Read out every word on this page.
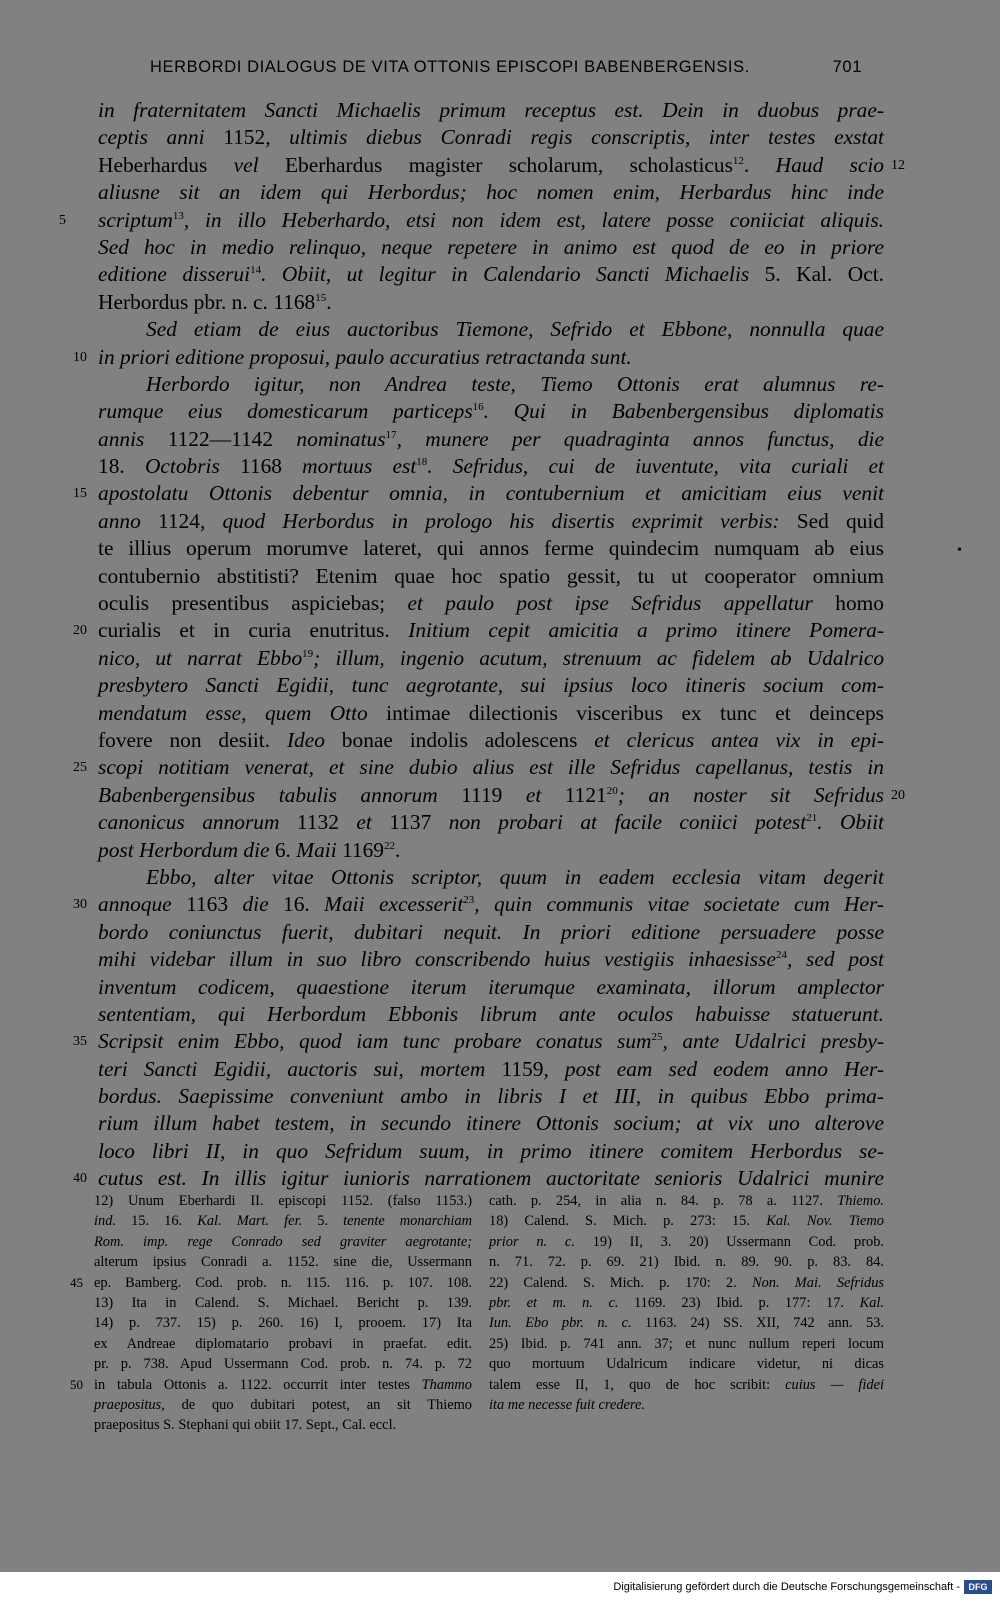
HERBORDI DIALOGUS DE VITA OTTONIS EPISCOPI BABENBERGENSIS.	701
in fraternitatem Sancti Michaelis primum receptus est. Dein in duobus prae-
ceptis anni 1152, ultimis diebus Conradi regis conscriptis, inter testes exstat
Heberhardus vel Eberhardus magister scholarum, scholasticus$^{12}$. Haud scio 12
aliusne sit an idem qui Herbordus; hoc nomen enim, Herbardus hinc inde
scriptum$^{13}$, in illo Heberhardo, etsi non idem est, latere posse coniiciat aliquis.
5
Sed hoc in medio relinquo, neque repetere in animo est quod de eo in priore
editione disserui$^{14}$. Obiit, ut legitur in Calendario Sancti Michaelis 5. Kal. Oct.
Herbordus pbr. n. c. 1168$^{15}$.
Sed etiam de eius auctoribus Tiemone, Sefrido et Ebbone, nonnulla quae
in priori editione proposui, paulo accuratius retractanda sunt.
10
Herbordo igitur, non Andrea teste, Tiemo Ottonis erat alumnus re-
rumque eius domesticarum particeps$^{16}$. Qui in Babenbergensibus diplomatis
annis 1122—1142 nominatus$^{17}$, munere per quadraginta annos functus, die
18. Octobris 1168 mortuus est$^{18}$. Sefridus, cui de iuventute, vita curiali et
apostolatu Ottonis debentur omnia, in contubernium et amicitiam eius venit
15
anno 1124, quod Herbordus in prologo his disertis exprimit verbis: Sed quid
te illius operum morumve lateret, qui annos ferme quindecim numquam ab eius
contubernio abstitisti? Etenim quae hoc spatio gessit, tu ut cooperator omnium
oculis presentibus aspiciebas; et paulo post ipse Sefridus appellatur homo
curialis et in curia enutritus. Initium cepit amicitia a primo itinere Pomera-
20
nico, ut narrat Ebbo$^{19}$; illum, ingenio acutum, strenuum ac fidelem ab Udalrico
presbytero Sancti Egidii, tunc aegrotante, sui ipsius loco itineris socium com-
mendatum esse, quem Otto intimae dilectionis visceribus ex tunc et deinceps
fovere non desiit. Ideo bonae indolis adolescens et clericus antea vix in epi-
scopi notitiam venerat, et sine dubio alius est ille Sefridus capellanus, testis in
25
Babenbergensibus tabulis annorum 1119 et 1121$^{20}$; an noster sit Sefridus 20
canonicus annorum 1132 et 1137 non probari at facile coniici potest$^{21}$. Obiit
post Herbordum die 6. Maii 1169$^{22}$.
Ebbo, alter vitae Ottonis scriptor, quum in eadem ecclesia vitam degerit
annoque 1163 die 16. Maii excesserit$^{23}$, quin communis vitae societate cum Her-
30
bordo coniunctus fuerit, dubitari nequit. In priori editione persuadere posse
mihi videbar illum in suo libro conscribendo huius vestigiis inhaesisse$^{24}$, sed post
inventum codicem, quaestione iterum iterumque examinata, illorum amplector
sententiam, qui Herbordum Ebbonis librum ante oculos habuisse statuerunt.
Scripsit enim Ebbo, quod iam tunc probare conatus sum$^{25}$, ante Udalrici presby-
35
teri Sancti Egidii, auctoris sui, mortem 1159, post eam sed eodem anno Her-
bordus. Saepissime conveniunt ambo in libris I et III, in quibus Ebbo prima-
rium illum habet testem, in secundo itinere Ottonis socium; at vix uno alterove
loco libri II, in quo Sefridum suum, in primo itinere comitem Herbordus se-
cutus est. In illis igitur iunioris narrationem auctoritate senioris Udalrici munire
40
12) Unum Eberhardi II. episcopi 1152. (falso 1153.)
ind. 15. 16. Kal. Mart. fer. 5. tenente monarchiam
Rom. imp. rege Conrado sed graviter aegrotante;
alterum ipsius Conradi a. 1152. sine die, Ussermann
ep. Bamberg. Cod. prob. n. 115. 116. p. 107. 108.
45
13) Ita in Calend. S. Michael. Bericht p. 139.
14) p. 737. 15) p. 260. 16) I, prooem. 17) Ita
ex Andreae diplomatario probavi in praefat. edit.
pr. p. 738. Apud Ussermann Cod. prob. n. 74. p. 72
in tabula Ottonis a. 1122. occurrit inter testes Thammo
50
praepositus, de quo dubitari potest, an sit Thiemo
praepositus S. Stephani qui obiit 17. Sept., Cal. eccl.
cath. p. 254, in alia n. 84. p. 78 a. 1127. Thiemo.
18) Calend. S. Mich. p. 273: 15. Kal. Nov. Tiemo
prior n. c. 19) II, 3. 20) Ussermann Cod. prob.
n. 71. 72. p. 69. 21) Ibid. n. 89. 90. p. 83. 84.
22) Calend. S. Mich. p. 170: 2. Non. Mai. Sefridus
pbr. et m. n. c. 1169. 23) Ibid. p. 177: 17. Kal.
Iun. Ebo pbr. n. c. 1163. 24) SS. XII, 742 ann. 53.
25) Ibid. p. 741 ann. 37; et nunc nullum reperi locum
quo mortuum Udalricum indicare videtur, ni dicas
talem esse II, 1, quo de hoc scribit: cuius — fidei
ita me necesse fuit credere.
•
Digitalisierung gefördert durch die Deutsche Forschungsgemeinschaft - DFG
